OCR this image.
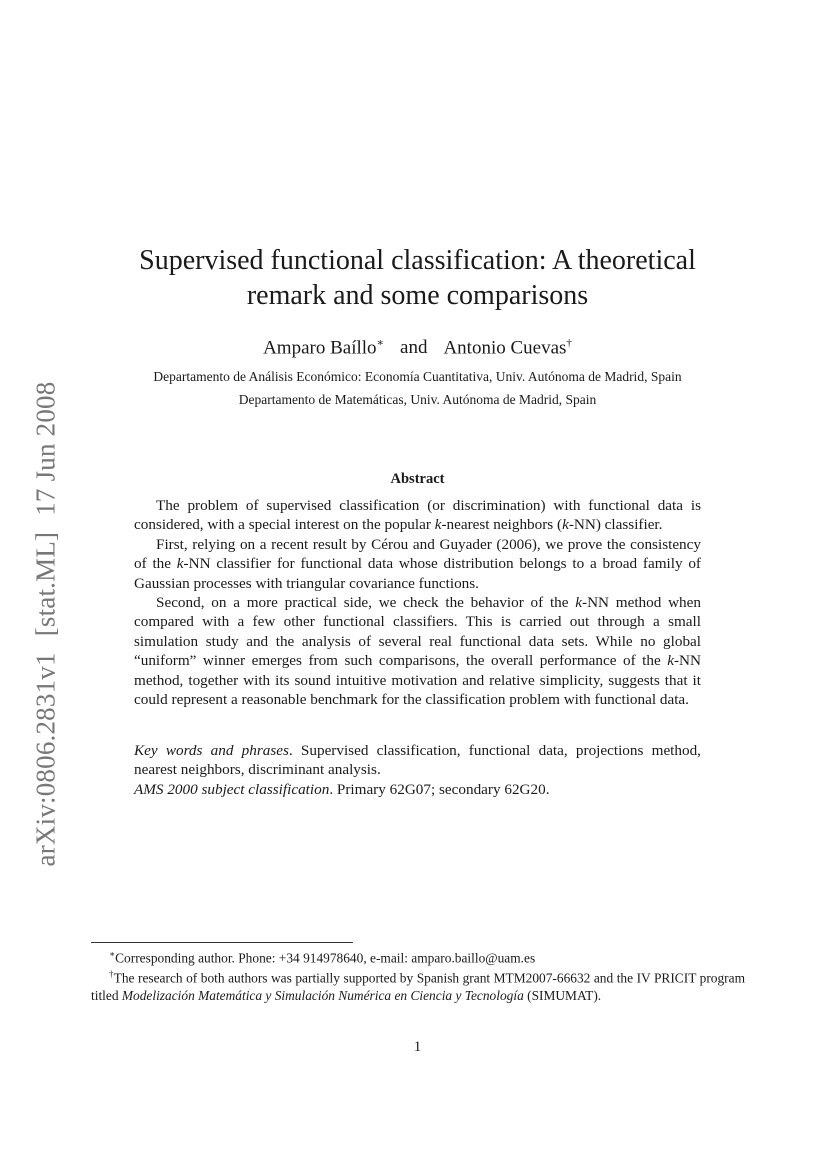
arXiv:0806.2831v1[stat.ML]17 Jun 2008
Supervised functional classification: A theoretical
remark and some comparisons
Amparo Baíllo∗ and Antonio Cuevas†
Departamento de Análisis Económico: Economía Cuantitativa, Univ. Autónoma de Madrid, Spain
Departamento de Matemáticas, Univ. Autónoma de Madrid, Spain
Abstract

The problem of supervised classification (or discrimination) with functional data is considered, with a special interest on the popular k-nearest neighbors (k-NN) classifier.

First, relying on a recent result by Cérou and Guyader (2006), we prove the consistency of the k-NN classifier for functional data whose distribution belongs to a broad family of Gaussian processes with triangular covariance functions.

Second, on a more practical side, we check the behavior of the k-NN method when compared with a few other functional classifiers. This is carried out through a small simulation study and the analysis of several real functional data sets. While no global “uniform” winner emerges from such comparisons, the overall performance of the k-NN method, together with its sound intuitive motivation and relative simplicity, suggests that it could represent a reasonable benchmark for the classification problem with functional data.

Key words and phrases. Supervised classification, functional data, projections method, nearest neighbors, discriminant analysis.

AMS 2000 subject classification. Primary 62G07; secondary 62G20.

∗Corresponding author. Phone: +34 914978640, e-mail: amparo.baillo@uam.es

†The research of both authors was partially supported by Spanish grant MTM2007-66632 and the IV PRICIT program titled Modelización Matemática y Simulación Numérica en Ciencia y Tecnología (SIMUMAT).

1
